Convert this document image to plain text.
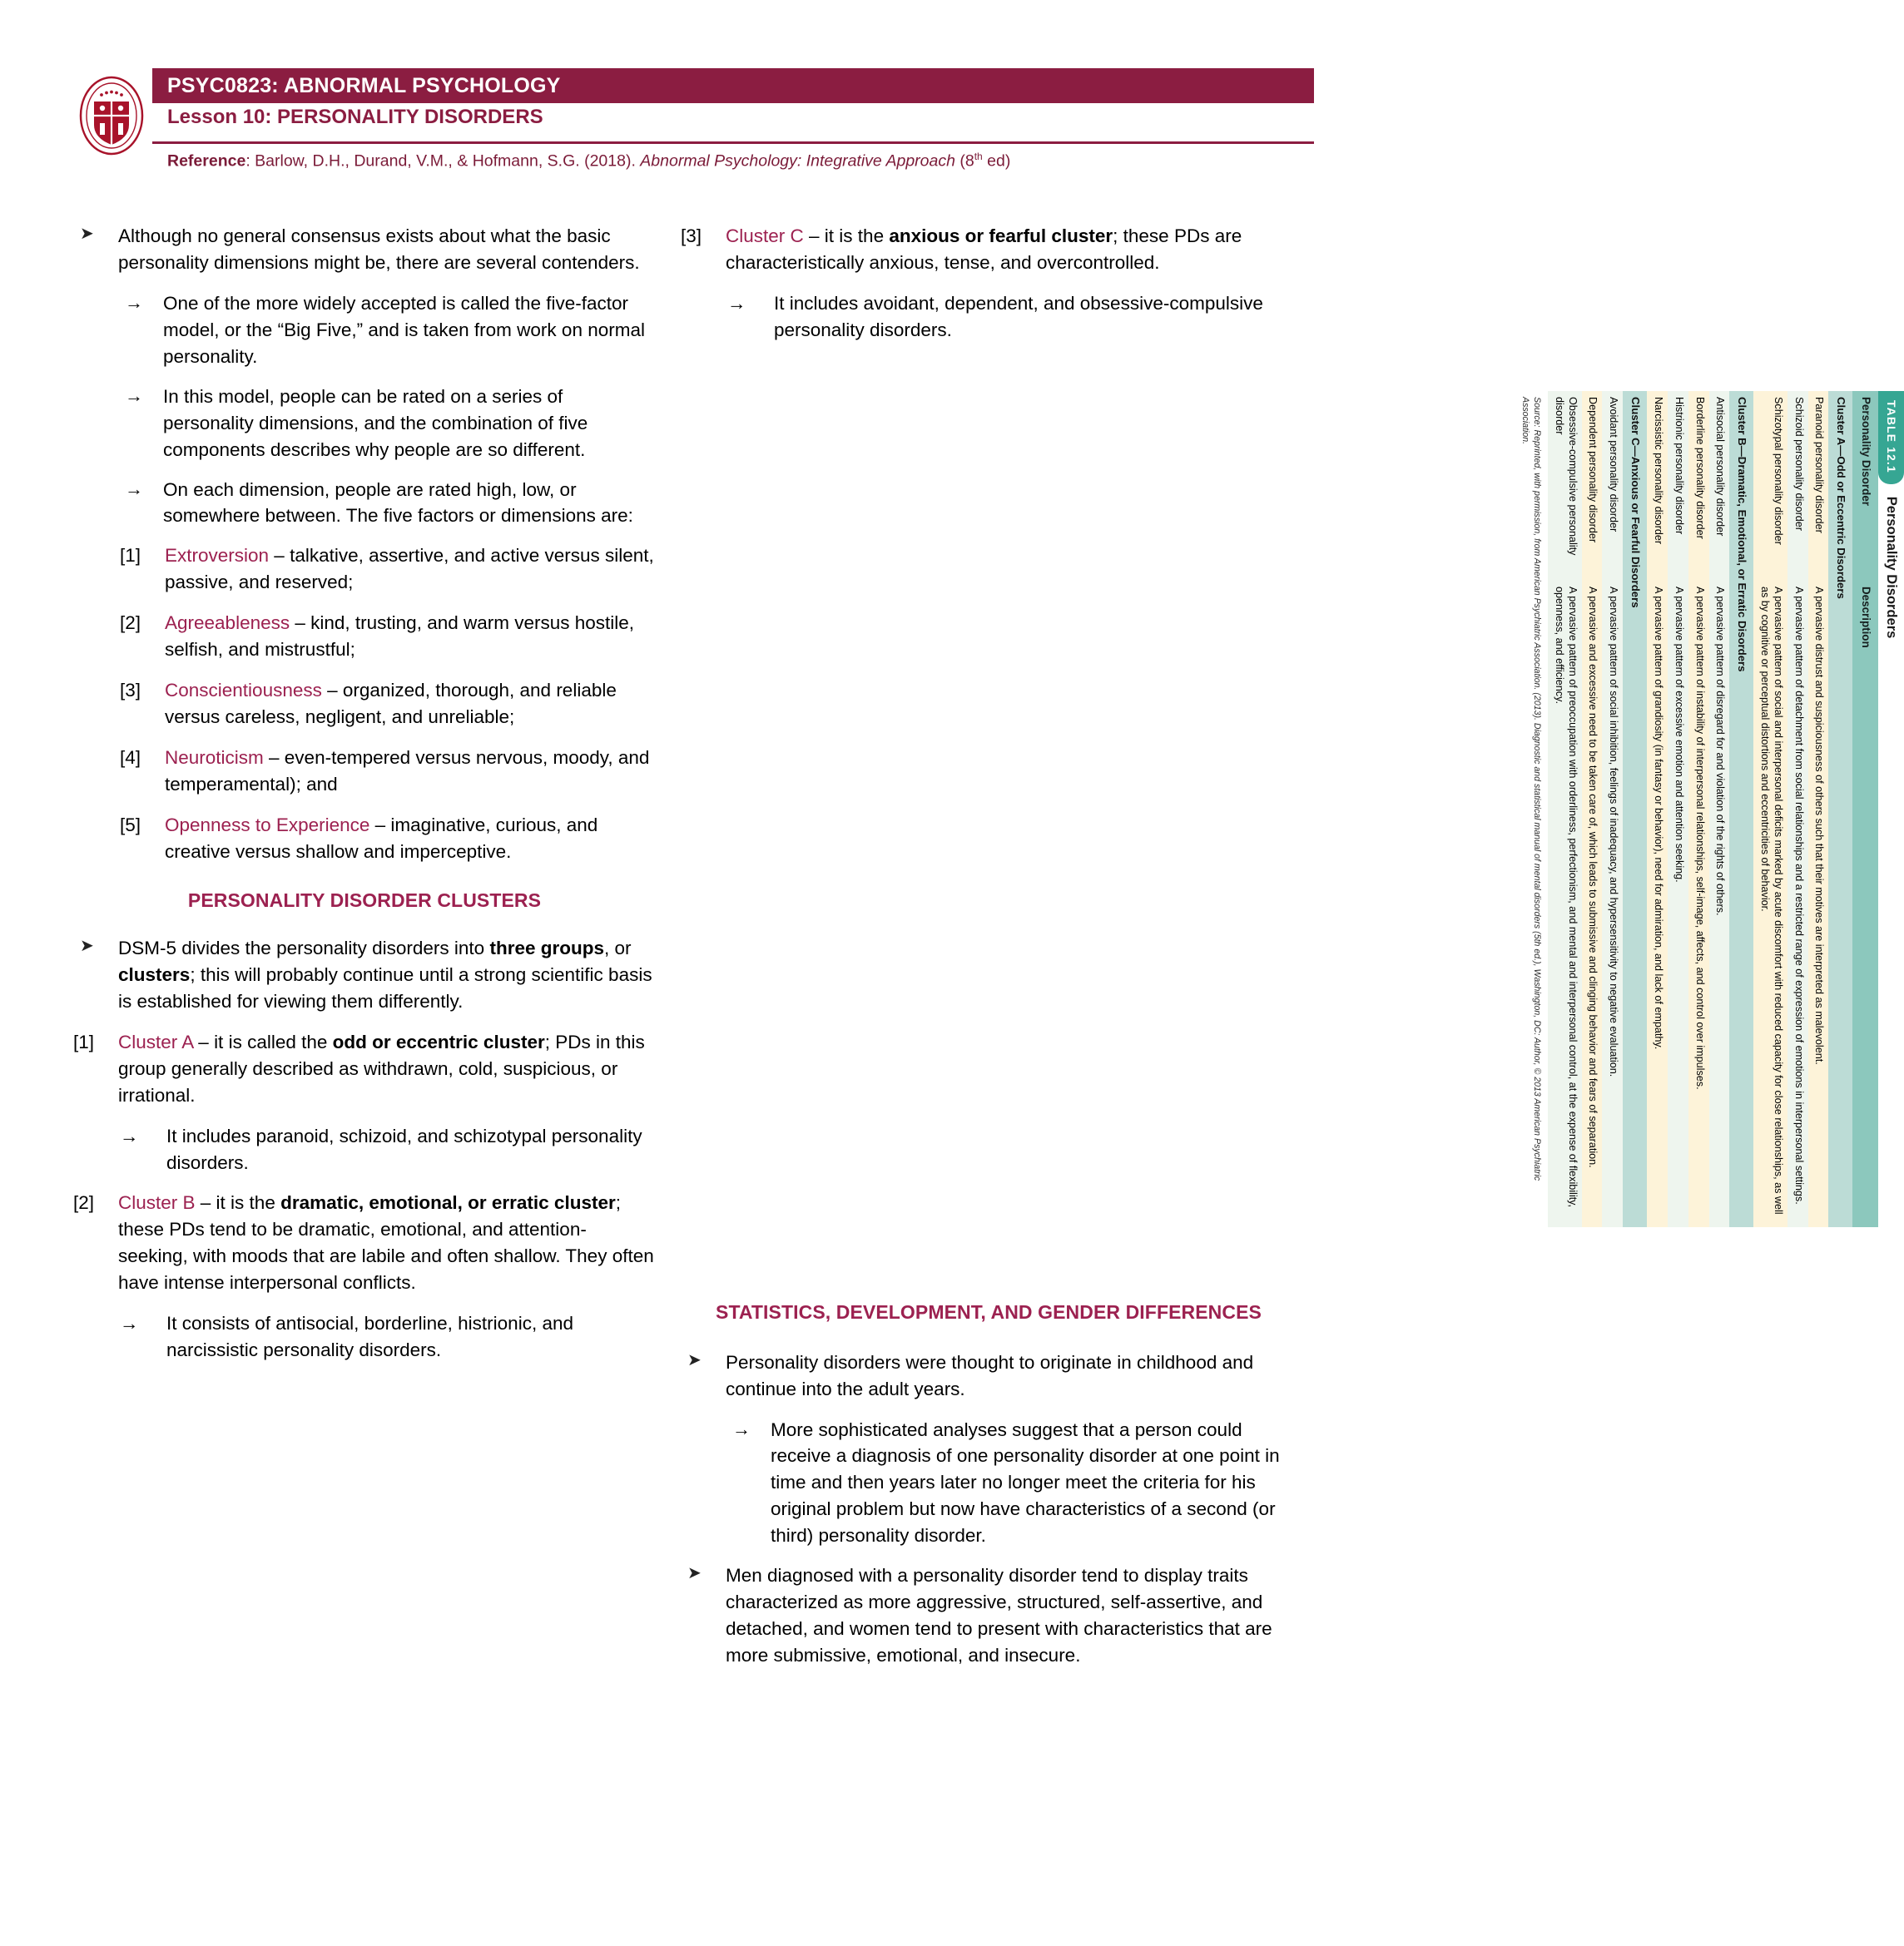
PSYC0823: ABNORMAL PSYCHOLOGY
Lesson 10: PERSONALITY DISORDERS
Reference: Barlow, D.H., Durand, V.M., & Hofmann, S.G. (2018). Abnormal Psychology: Integrative Approach (8th ed)
➤ Although no general consensus exists about what the basic personality dimensions might be, there are several contenders.
→ One of the more widely accepted is called the five-factor model, or the “Big Five,” and is taken from work on normal personality.
→ In this model, people can be rated on a series of personality dimensions, and the combination of five components describes why people are so different.
→ On each dimension, people are rated high, low, or somewhere between. The five factors or dimensions are:
[1] Extroversion – talkative, assertive, and active versus silent, passive, and reserved;
[2] Agreeableness – kind, trusting, and warm versus hostile, selfish, and mistrustful;
[3] Conscientiousness – organized, thorough, and reliable versus careless, negligent, and unreliable;
[4] Neuroticism – even-tempered versus nervous, moody, and temperamental); and
[5] Openness to Experience – imaginative, curious, and creative versus shallow and imperceptive.
PERSONALITY DISORDER CLUSTERS
➤ DSM-5 divides the personality disorders into three groups, or clusters; this will probably continue until a strong scientific basis is established for viewing them differently.
[1] Cluster A – it is called the odd or eccentric cluster; PDs in this group generally described as withdrawn, cold, suspicious, or irrational.
→ It includes paranoid, schizoid, and schizotypal personality disorders.
[2] Cluster B – it is the dramatic, emotional, or erratic cluster; these PDs tend to be dramatic, emotional, and attention-seeking, with moods that are labile and often shallow. They often have intense interpersonal conflicts.
→ It consists of antisocial, borderline, histrionic, and narcissistic personality disorders.
[3] Cluster C – it is the anxious or fearful cluster; these PDs are characteristically anxious, tense, and overcontrolled.
→ It includes avoidant, dependent, and obsessive-compulsive personality disorders.
TABLE 12.1
Personality Disorders	

Personality Disorder	Description
Cluster A—Odd or Eccentric Disorders	
Paranoid personality disorder	A pervasive distrust and suspiciousness of others such that their motives are interpreted as malevolent.
Schizoid personality disorder	A pervasive pattern of detachment from social relationships and a restricted range of expression of emotions in interpersonal settings.
Schizotypal personality disorder	A pervasive pattern of social and interpersonal deficits marked by acute discomfort with reduced capacity for close relationships, as well as by cognitive or perceptual distortions and eccentricities of behavior.
Cluster B—Dramatic, Emotional, or Erratic Disorders	
Antisocial personality disorder	A pervasive pattern of disregard for and violation of the rights of others.
Borderline personality disorder	A pervasive pattern of instability of interpersonal relationships, self-image, affects, and control over impulses.
Histrionic personality disorder	A pervasive pattern of excessive emotion and attention seeking.
Narcissistic personality disorder	A pervasive pattern of grandiosity (in fantasy or behavior), need for admiration, and lack of empathy.
Cluster C—Anxious or Fearful Disorders	
Avoidant personality disorder	A pervasive pattern of social inhibition, feelings of inadequacy, and hypersensitivity to negative evaluation.
Dependent personality disorder	A pervasive and excessive need to be taken care of, which leads to submissive and clinging behavior and fears of separation.
Obsessive-compulsive personality disorder	A pervasive pattern of preoccupation with orderliness, perfectionism, and mental and interpersonal control, at the expense of flexibility, openness, and efficiency.
Source: Reprinted, with permission, from American Psychiatric Association. (2013). Diagnostic and statistical manual of mental disorders (5th ed.), Washington, DC: Author, © 2013 American Psychiatric Association.	
STATISTICS, DEVELOPMENT, AND GENDER DIFFERENCES
➤ Personality disorders were thought to originate in childhood and continue into the adult years.
→ More sophisticated analyses suggest that a person could receive a diagnosis of one personality disorder at one point in time and then years later no longer meet the criteria for his original problem but now have characteristics of a second (or third) personality disorder.
➤ Men diagnosed with a personality disorder tend to display traits characterized as more aggressive, structured, self-assertive, and detached, and women tend to present with characteristics that are more submissive, emotional, and insecure.
